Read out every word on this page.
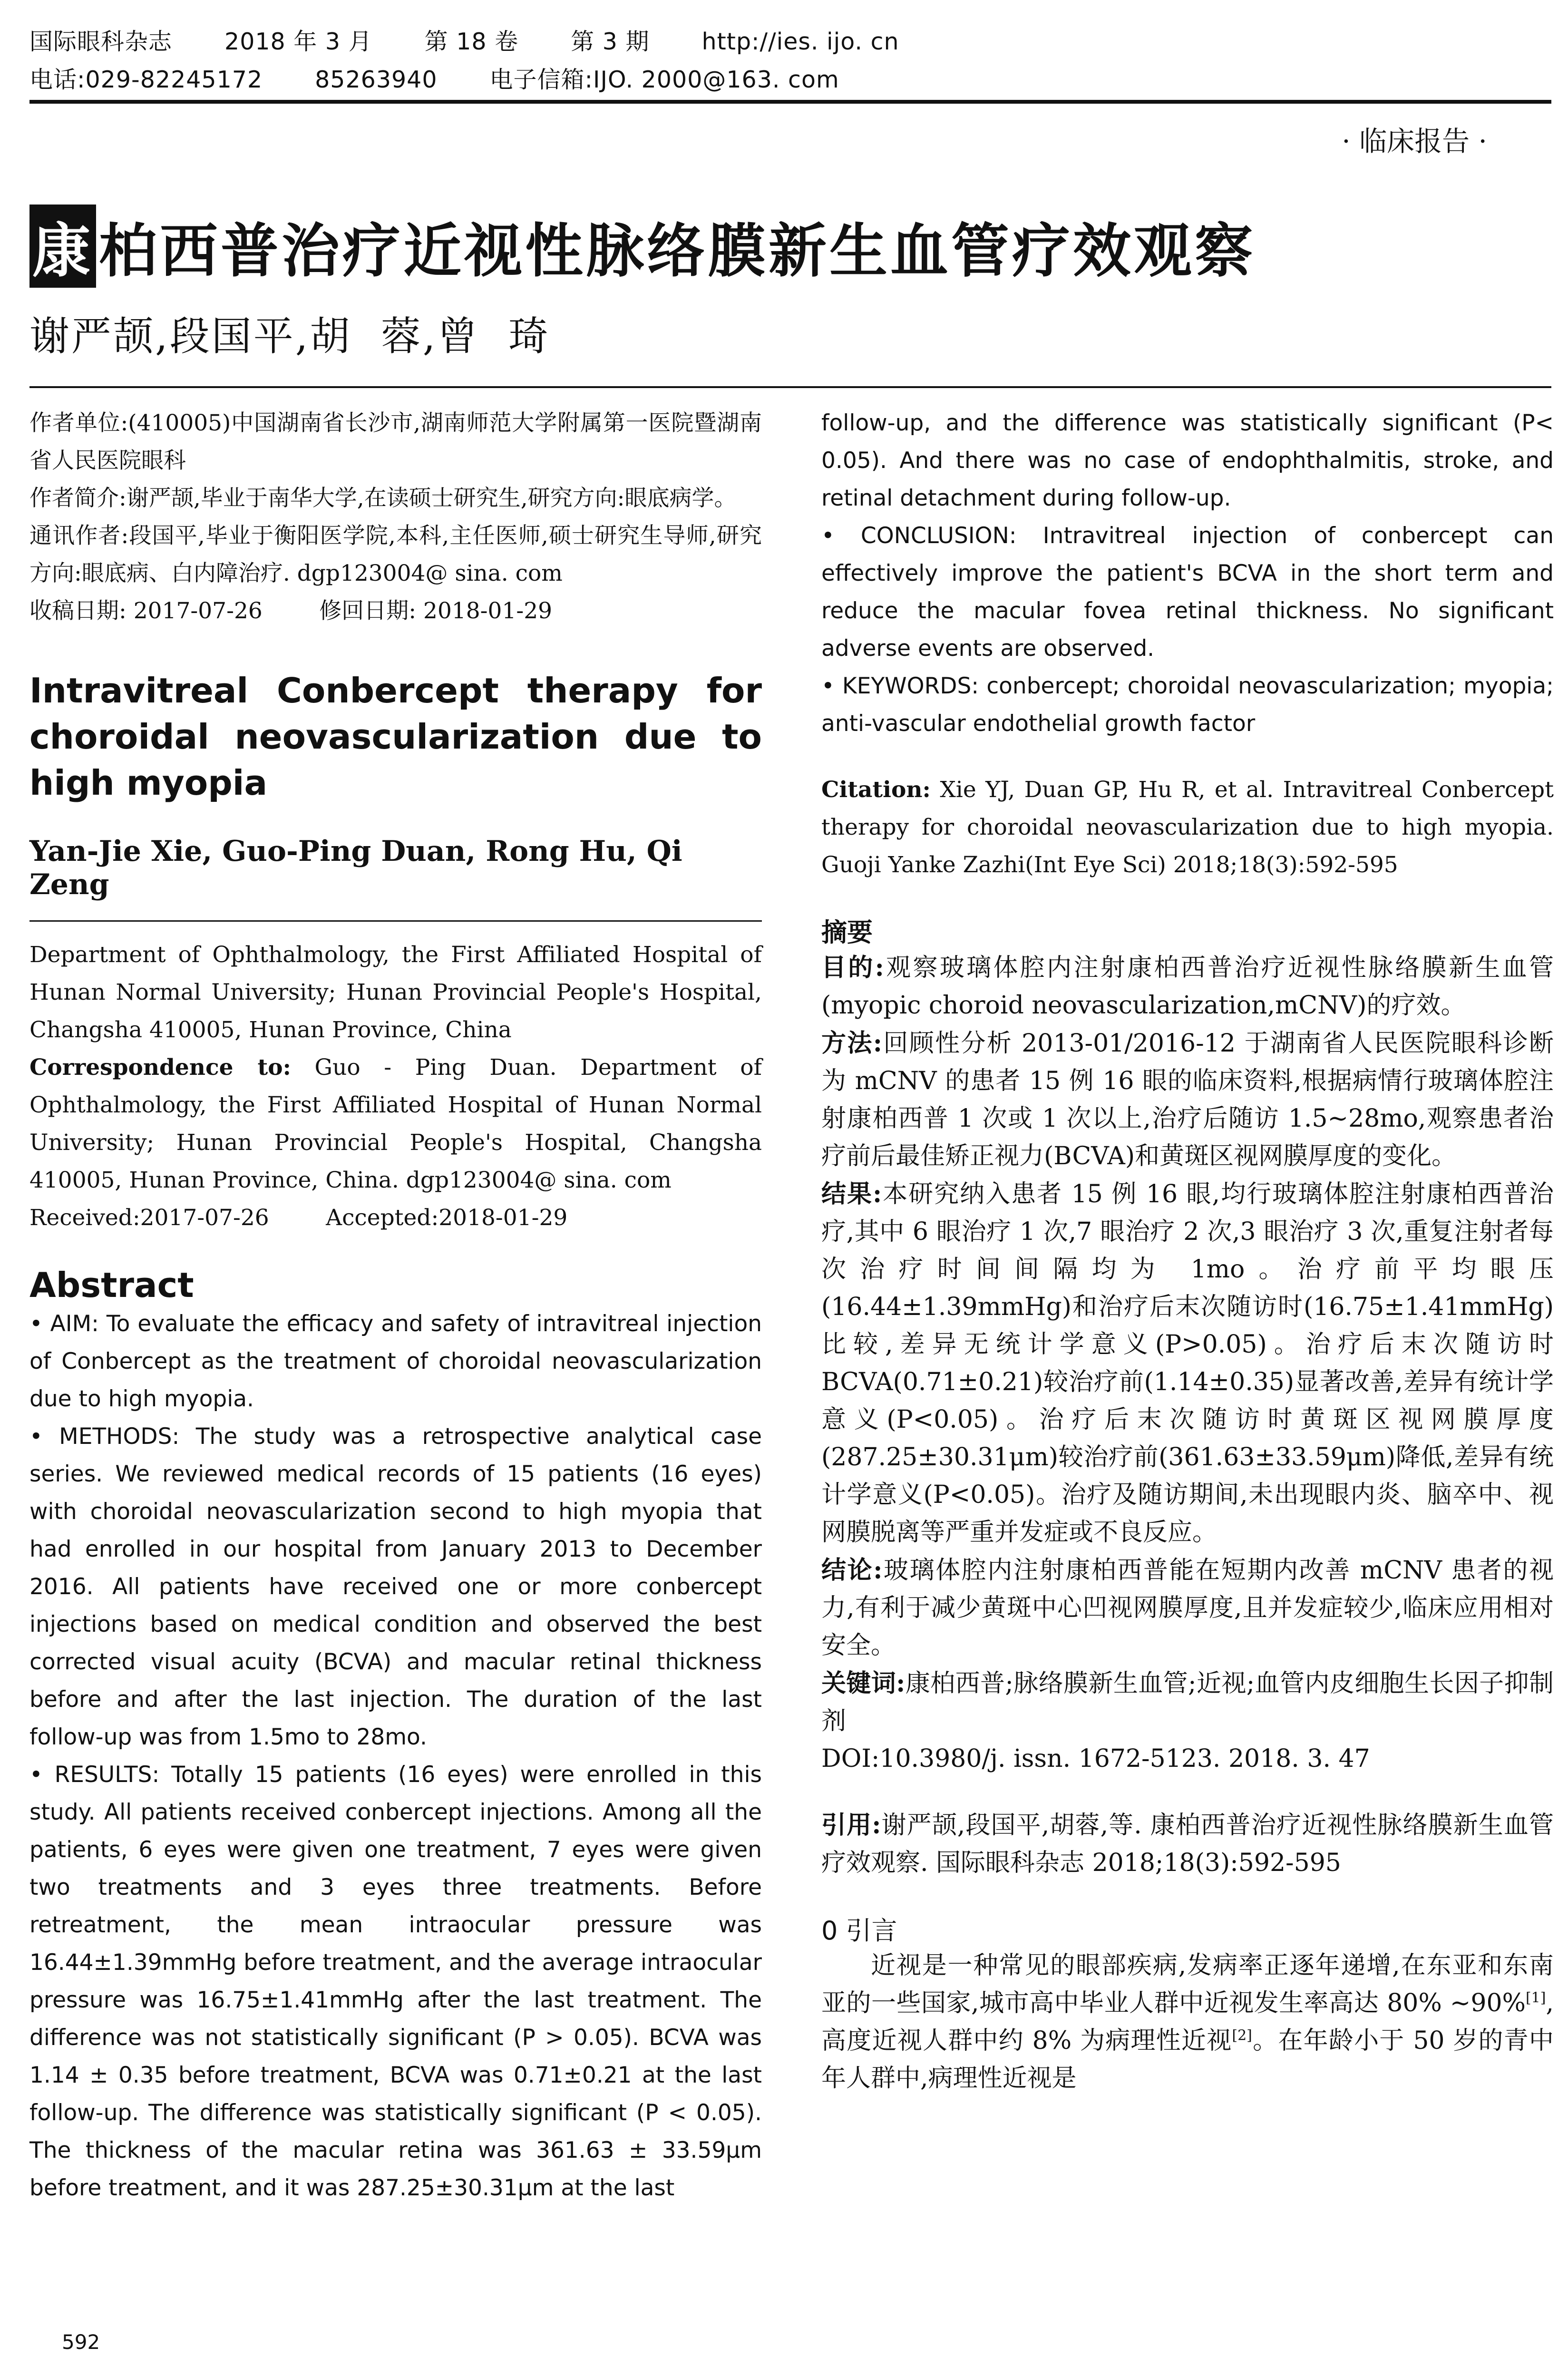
国际眼科杂志 2018 年 3 月 第 18 卷 第 3 期 http://ies. ijo. cn
电话:029-82245172 85263940 电子信箱:IJO. 2000@163. com
· 临床报告 ·
康柏西普治疗近视性脉络膜新生血管疗效观察
谢严颉,段国平,胡  蓉,曾  琦

作者单位:(410005)中国湖南省长沙市,湖南师范大学附属第一医院暨湖南省人民医院眼科

作者简介:谢严颉,毕业于南华大学,在读硕士研究生,研究方向:眼底病学。

通讯作者:段国平,毕业于衡阳医学院,本科,主任医师,硕士研究生导师,研究方向:眼底病、白内障治疗. dgp123004@ sina. com

收稿日期: 2017-07-26        修回日期: 2018-01-29

Intravitreal Conbercept therapy for choroidal neovascularization due to high myopia

Yan-Jie Xie, Guo-Ping Duan, Rong Hu, Qi Zeng

Department of Ophthalmology, the First Affiliated Hospital of Hunan Normal University; Hunan Provincial People's Hospital, Changsha 410005, Hunan Province, China

Correspondence to: Guo - Ping Duan. Department of Ophthalmology, the First Affiliated Hospital of Hunan Normal University; Hunan Provincial People's Hospital, Changsha 410005, Hunan Province, China. dgp123004@ sina. com

Received:2017-07-26        Accepted:2018-01-29

Abstract

• AIM: To evaluate the efficacy and safety of intravitreal injection of Conbercept as the treatment of choroidal neovascularization due to high myopia.

• METHODS: The study was a retrospective analytical case series. We reviewed medical records of 15 patients (16 eyes) with choroidal neovascularization second to high myopia that had enrolled in our hospital from January 2013 to December 2016. All patients have received one or more conbercept injections based on medical condition and observed the best corrected visual acuity (BCVA) and macular retinal thickness before and after the last injection. The duration of the last follow-up was from 1.5mo to 28mo.

• RESULTS: Totally 15 patients (16 eyes) were enrolled in this study. All patients received conbercept injections. Among all the patients, 6 eyes were given one treatment, 7 eyes were given two treatments and 3 eyes three treatments. Before retreatment, the mean intraocular pressure was 16.44±1.39mmHg before treatment, and the average intraocular pressure was 16.75±1.41mmHg after the last treatment. The difference was not statistically significant (P > 0.05). BCVA was 1.14 ± 0.35 before treatment, BCVA was 0.71±0.21 at the last follow-up. The difference was statistically significant (P < 0.05). The thickness of the macular retina was 361.63 ± 33.59μm before treatment, and it was 287.25±30.31μm at the last

follow-up, and the difference was statistically significant (P< 0.05). And there was no case of endophthalmitis, stroke, and retinal detachment during follow-up.

• CONCLUSION: Intravitreal injection of conbercept can effectively improve the patient's BCVA in the short term and reduce the macular fovea retinal thickness. No significant adverse events are observed.

• KEYWORDS: conbercept; choroidal neovascularization; myopia; anti-vascular endothelial growth factor

Citation: Xie YJ, Duan GP, Hu R, et al. Intravitreal Conbercept therapy for choroidal neovascularization due to high myopia. Guoji Yanke Zazhi(Int Eye Sci) 2018;18(3):592-595

摘要

目的:观察玻璃体腔内注射康柏西普治疗近视性脉络膜新生血管(myopic choroid neovascularization,mCNV)的疗效。

方法:回顾性分析 2013-01/2016-12 于湖南省人民医院眼科诊断为 mCNV 的患者 15 例 16 眼的临床资料,根据病情行玻璃体腔注射康柏西普 1 次或 1 次以上,治疗后随访 1.5~28mo,观察患者治疗前后最佳矫正视力(BCVA)和黄斑区视网膜厚度的变化。

结果:本研究纳入患者 15 例 16 眼,均行玻璃体腔注射康柏西普治疗,其中 6 眼治疗 1 次,7 眼治疗 2 次,3 眼治疗 3 次,重复注射者每次治疗时间间隔均为 1mo。治疗前平均眼压(16.44±1.39mmHg)和治疗后末次随访时(16.75±1.41mmHg)比较,差异无统计学意义(P>0.05)。治疗后末次随访时 BCVA(0.71±0.21)较治疗前(1.14±0.35)显著改善,差异有统计学意义(P<0.05)。治疗后末次随访时黄斑区视网膜厚度(287.25±30.31μm)较治疗前(361.63±33.59μm)降低,差异有统计学意义(P<0.05)。治疗及随访期间,未出现眼内炎、脑卒中、视网膜脱离等严重并发症或不良反应。

结论:玻璃体腔内注射康柏西普能在短期内改善 mCNV 患者的视力,有利于减少黄斑中心凹视网膜厚度,且并发症较少,临床应用相对安全。

关键词:康柏西普;脉络膜新生血管;近视;血管内皮细胞生长因子抑制剂

DOI:10.3980/j. issn. 1672-5123. 2018. 3. 47

引用:谢严颉,段国平,胡蓉,等. 康柏西普治疗近视性脉络膜新生血管疗效观察. 国际眼科杂志 2018;18(3):592-595

0 引言

近视是一种常见的眼部疾病,发病率正逐年递增,在东亚和东南亚的一些国家,城市高中毕业人群中近视发生率高达 80% ~90%[1],高度近视人群中约 8% 为病理性近视[2]。在年龄小于 50 岁的青中年人群中,病理性近视是

592
